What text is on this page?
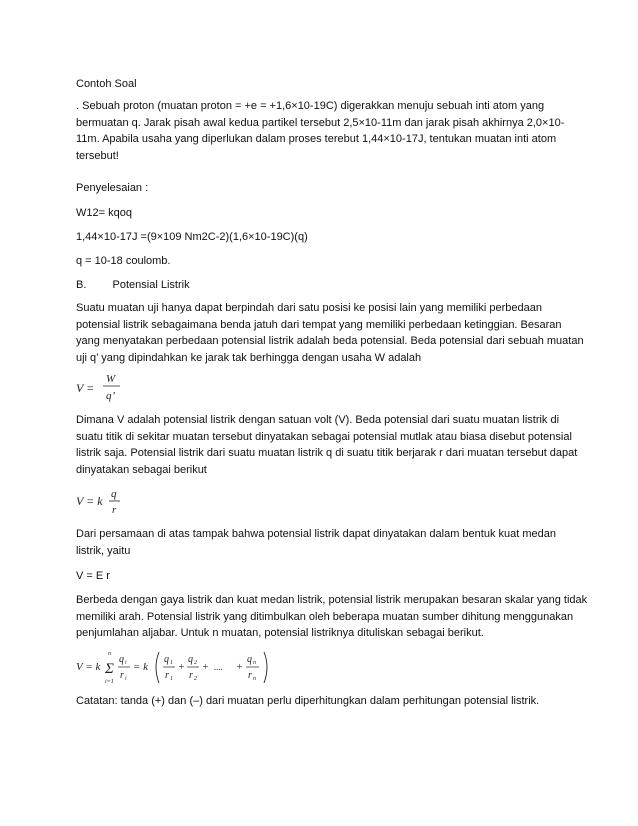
Contoh Soal

. Sebuah proton (muatan proton = +e = +1,6×10-19C) digerakkan menuju sebuah inti atom yang
bermuatan q. Jarak pisah awal kedua partikel tersebut 2,5×10-11m dan jarak pisah akhirnya 2,0×10-
11m. Apabila usaha yang diperlukan dalam proses terebut 1,44×10-17J, tentukan muatan inti atom
tersebut!

Penyelesaian :

W12= kqoq

1,44×10-17J =(9×109 Nm2C-2)(1,6×10-19C)(q)

q = 10-18 coulomb.

B. Potensial Listrik

Suatu muatan uji hanya dapat berpindah dari satu posisi ke posisi lain yang memiliki perbedaan
potensial listrik sebagaimana benda jatuh dari tempat yang memiliki perbedaan ketinggian. Besaran
yang menyatakan perbedaan potensial listrik adalah beda potensial. Beda potensial dari sebuah muatan
uji q’ yang dipindahkan ke jarak tak berhingga dengan usaha W adalah

V =
W
q’

Dimana V adalah potensial listrik dengan satuan volt (V). Beda potensial dari suatu muatan listrik di
suatu titik di sekitar muatan tersebut dinyatakan sebagai potensial mutlak atau biasa disebut potensial
listrik saja. Potensial listrik dari suatu muatan listrik q di suatu titik berjarak r dari muatan tersebut dapat
dinyatakan sebagai berikut

V = k q
r

Dari persamaan di atas tampak bahwa potensial listrik dapat dinyatakan dalam bentuk kuat medan
listrik, yaitu

V = E r

Berbeda dengan gaya listrik dan kuat medan listrik, potensial listrik merupakan besaran skalar yang tidak
memiliki arah. Potensial listrik yang ditimbulkan oleh beberapa muatan sumber dihitung menggunakan
penjumlahan aljabar. Untuk n muatan, potensial listriknya dituliskan sebagai berikut.

V = k
n
Σ
i=1
q i
r i
= k
q 1
r 1
+
q 2
r 2
+ .... +
q n
r n

Catatan: tanda (+) dan (–) dari muatan perlu diperhitungkan dalam perhitungan potensial listrik.
